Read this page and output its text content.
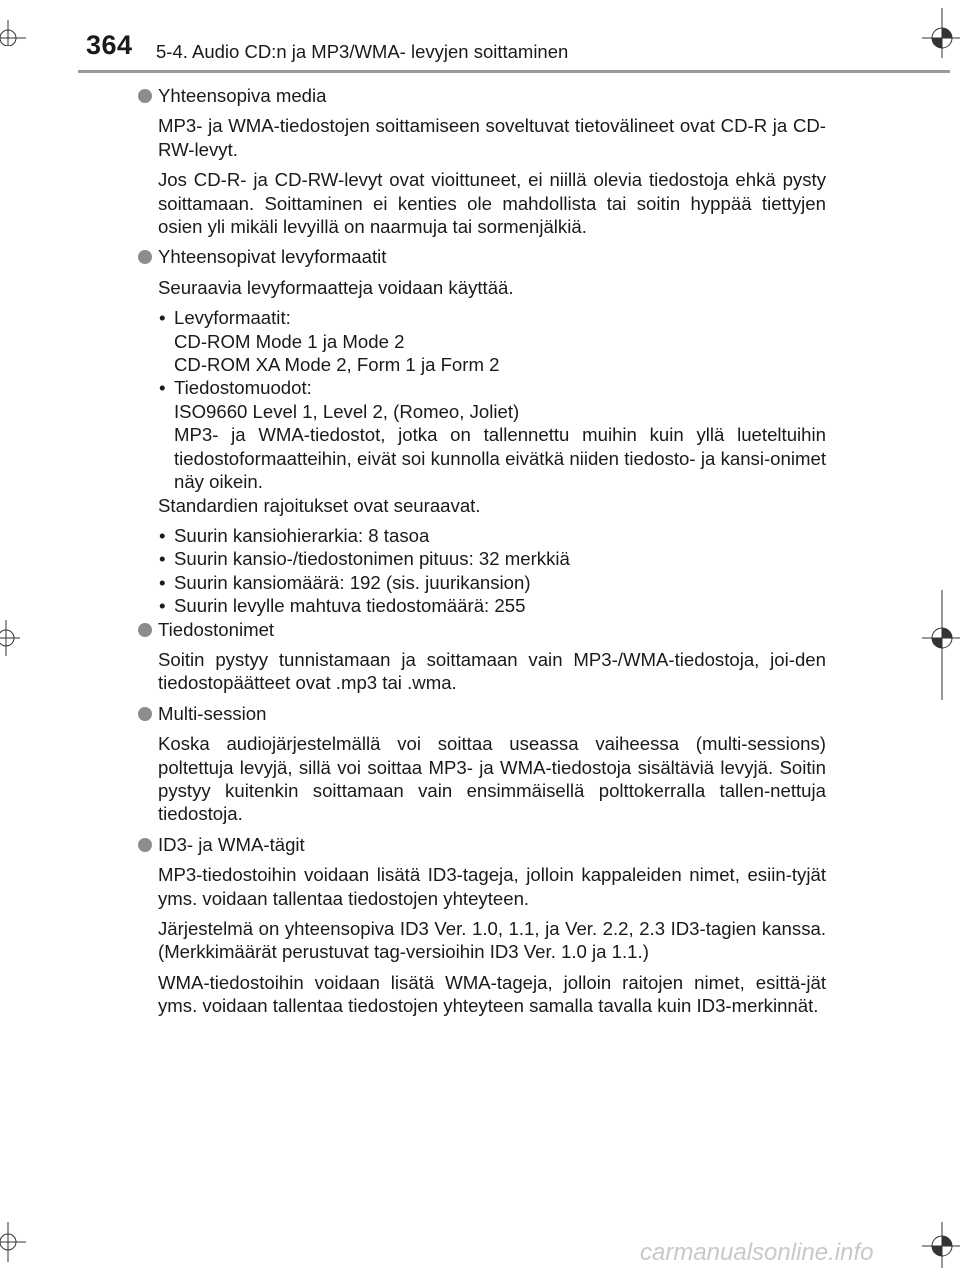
364 5-4. Audio CD:n ja MP3/WMA- levyjen soittaminen
Yhteensopiva media

MP3- ja WMA-tiedostojen soittamiseen soveltuvat tietovälineet ovat CD-R ja CD-RW-levyt.

Jos CD-R- ja CD-RW-levyt ovat vioittuneet, ei niillä olevia tiedostoja ehkä pysty soittamaan. Soittaminen ei kenties ole mahdollista tai soitin hyppää tiettyjen osien yli mikäli levyillä on naarmuja tai sormenjälkiä.

Yhteensopivat levyformaatit

Seuraavia levyformaatteja voidaan käyttää.

• Levyformaatit:
CD-ROM Mode 1 ja Mode 2
CD-ROM XA Mode 2, Form 1 ja Form 2
• Tiedostomuodot:
ISO9660 Level 1, Level 2, (Romeo, Joliet)
MP3- ja WMA-tiedostot, jotka on tallennettu muihin kuin yllä lueteltuihin tiedostoformaatteihin, eivät soi kunnolla eivätkä niiden tiedosto- ja kansi-onimet näy oikein.

Standardien rajoitukset ovat seuraavat.

• Suurin kansiohierarkia: 8 tasoa
• Suurin kansio-/tiedostonimen pituus: 32 merkkiä
• Suurin kansiomäärä: 192 (sis. juurikansion)
• Suurin levylle mahtuva tiedostomäärä: 255
Tiedostonimet

Soitin pystyy tunnistamaan ja soittamaan vain MP3-/WMA-tiedostoja, joi-den tiedostopäätteet ovat .mp3 tai .wma.

Multi-session

Koska audiojärjestelmällä voi soittaa useassa vaiheessa (multi-sessions) poltettuja levyjä, sillä voi soittaa MP3- ja WMA-tiedostoja sisältäviä levyjä. Soitin pystyy kuitenkin soittamaan vain ensimmäisellä polttokerralla tallen-nettuja tiedostoja.

ID3- ja WMA-tägit

MP3-tiedostoihin voidaan lisätä ID3-tageja, jolloin kappaleiden nimet, esiin-tyjät yms. voidaan tallentaa tiedostojen yhteyteen.

Järjestelmä on yhteensopiva ID3 Ver. 1.0, 1.1, ja Ver. 2.2, 2.3 ID3-tagien kanssa. (Merkkimäärät perustuvat tag-versioihin ID3 Ver. 1.0 ja 1.1.)

WMA-tiedostoihin voidaan lisätä WMA-tageja, jolloin raitojen nimet, esittä-jät yms. voidaan tallentaa tiedostojen yhteyteen samalla tavalla kuin ID3-merkinnät.

carmanualsonline.info
